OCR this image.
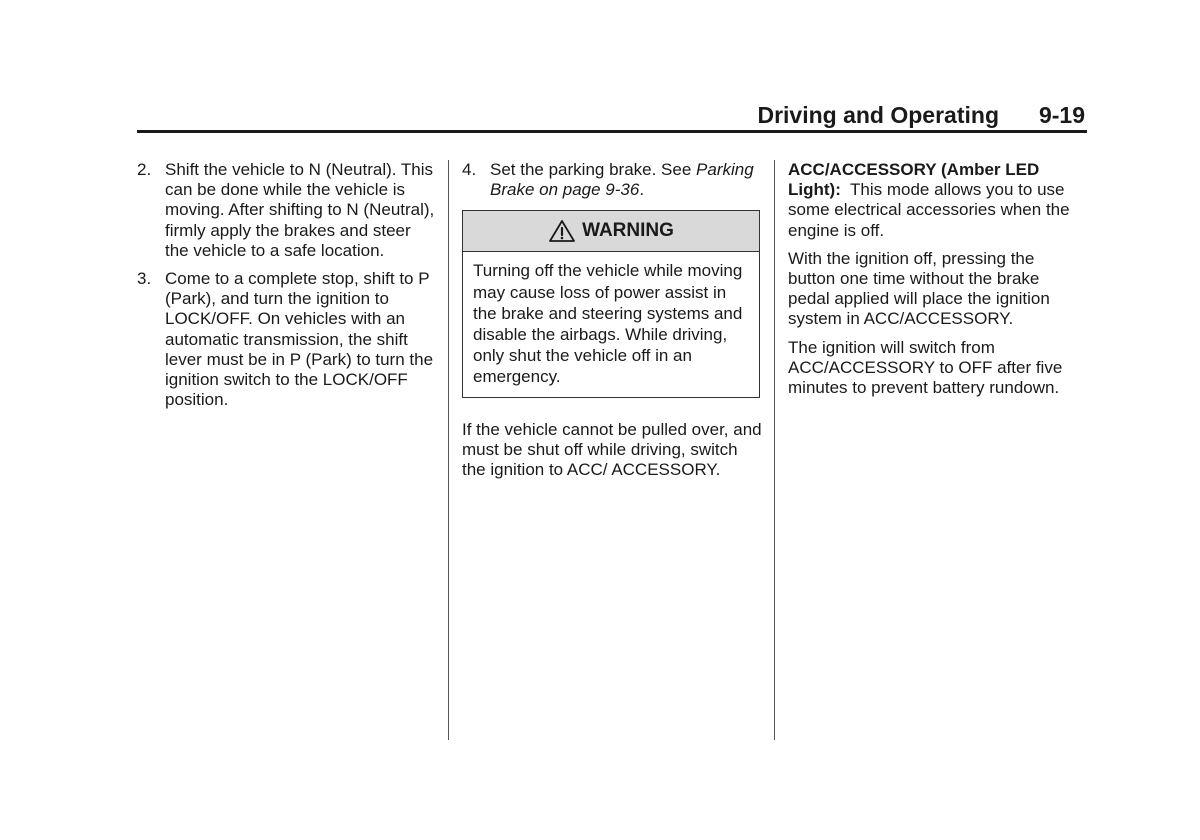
Driving and Operating 9-19
2. Shift the vehicle to N (Neutral). This can be done while the vehicle is moving. After shifting to N (Neutral), firmly apply the brakes and steer the vehicle to a safe location.
3. Come to a complete stop, shift to P (Park), and turn the ignition to LOCK/OFF. On vehicles with an automatic transmission, the shift lever must be in P (Park) to turn the ignition switch to the LOCK/OFF position.
4. Set the parking brake. See Parking Brake on page 9-36.
WARNING
Turning off the vehicle while moving may cause loss of power assist in the brake and steering systems and disable the airbags. While driving, only shut the vehicle off in an emergency.

If the vehicle cannot be pulled over, and must be shut off while driving, switch the ignition to ACC/ ACCESSORY.

ACC/ACCESSORY (Amber LED Light): This mode allows you to use some electrical accessories when the engine is off.

With the ignition off, pressing the button one time without the brake pedal applied will place the ignition system in ACC/ACCESSORY.

The ignition will switch from ACC/ACCESSORY to OFF after five minutes to prevent battery rundown.
